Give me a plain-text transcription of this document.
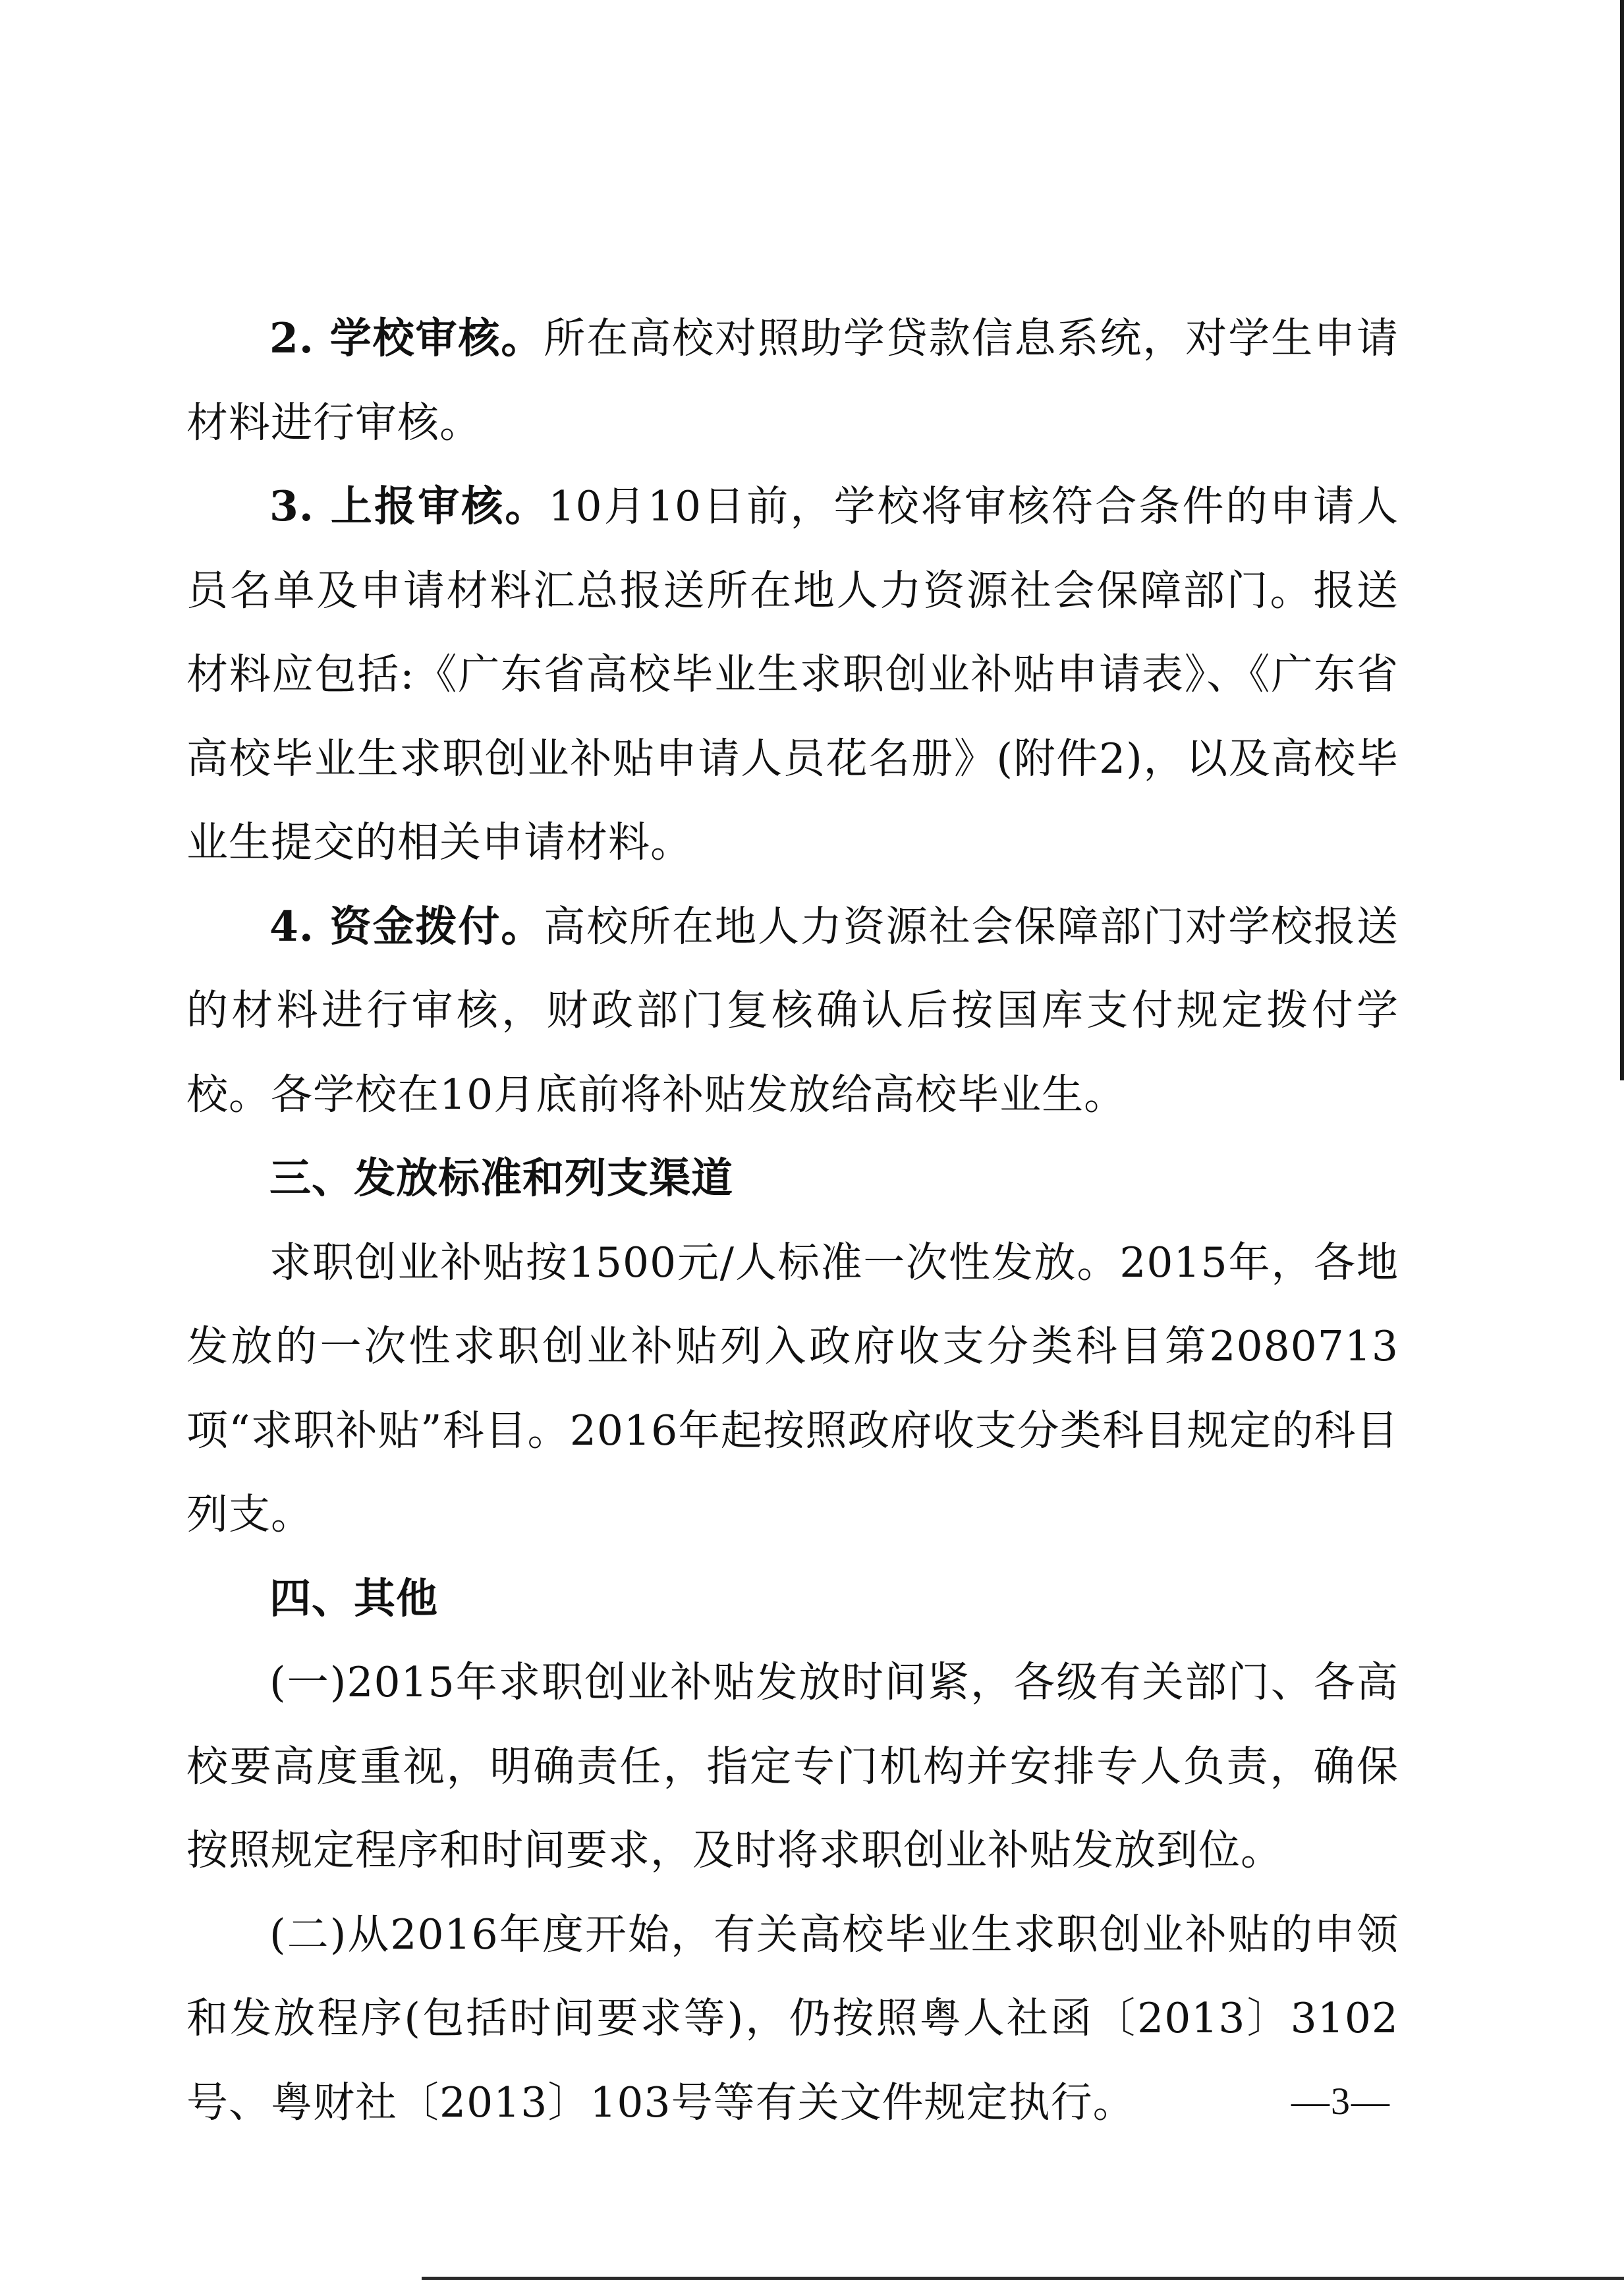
2. 学校审核。所在高校对照助学贷款信息系统，对学生申请材料进行审核。

3. 上报审核。10月10日前，学校将审核符合条件的申请人员名单及申请材料汇总报送所在地人力资源社会保障部门。报送材料应包括:《广东省高校毕业生求职创业补贴申请表》、《广东省高校毕业生求职创业补贴申请人员花名册》(附件2)，以及高校毕业生提交的相关申请材料。

4. 资金拨付。高校所在地人力资源社会保障部门对学校报送的材料进行审核，财政部门复核确认后按国库支付规定拨付学校。各学校在10月底前将补贴发放给高校毕业生。

三、发放标准和列支渠道

求职创业补贴按1500元/人标准一次性发放。2015年，各地发放的一次性求职创业补贴列入政府收支分类科目第2080713项“求职补贴”科目。2016年起按照政府收支分类科目规定的科目列支。

四、其他

(一)2015年求职创业补贴发放时间紧，各级有关部门、各高校要高度重视，明确责任，指定专门机构并安排专人负责，确保按照规定程序和时间要求，及时将求职创业补贴发放到位。

(二)从2016年度开始，有关高校毕业生求职创业补贴的申领和发放程序(包括时间要求等)，仍按照粤人社函〔2013〕3102号、粤财社〔2013〕103号等有关文件规定执行。	—3—
